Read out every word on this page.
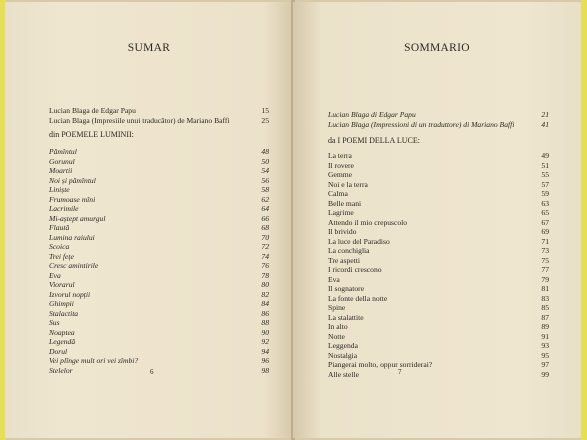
SUMAR
Lucian Blaga de Edgar Papu	15
Lucian Blaga (Impresiile unui traducător) de Mariano Baffi	25
din POEMELE LUMINII:
Pămîntul	48
Gorunul	50
Moartii	54
Noi și pămîntul	56
Liniște	58
Frumoase mîni	62
Lacrimile	64
Mi-aștept amurgul	66
Flaută	68
Lumina raiului	70
Scoica	72
Trei fețe	74
Cresc amintirile	76
Eva	78
Viorarul	80
Izvorul nopții	82
Ghimpii	84
Stalactita	86
Sus	88
Noaptea	90
Legendă	92
Dorul	94
Vei plînge mult ori vei zîmbi?	96
Stelelor	98
6
SOMMARIO
Lucian Blaga di Edgar Papu	21
Lucian Blaga (Impressioni di un traduttore) di Mariano Baffi	41
da I POEMI DELLA LUCE:
La terra	49
Il rovere	51
Gemme	55
Noi e la terra	57
Calma	59
Belle mani	63
Lagrime	65
Attendo il mio crepuscolo	67
Il brivido	69
La luce del Paradiso	71
La conchiglia	73
Tre aspetti	75
I ricordi crescono	77
Eva	79
Il sognatore	81
La fonte della notte	83
Spine	85
La stalattite	87
In alto	89
Notte	91
Leggenda	93
Nostalgia	95
Piangerai molto, oppur sorriderai?	97
Alle stelle	99
7
